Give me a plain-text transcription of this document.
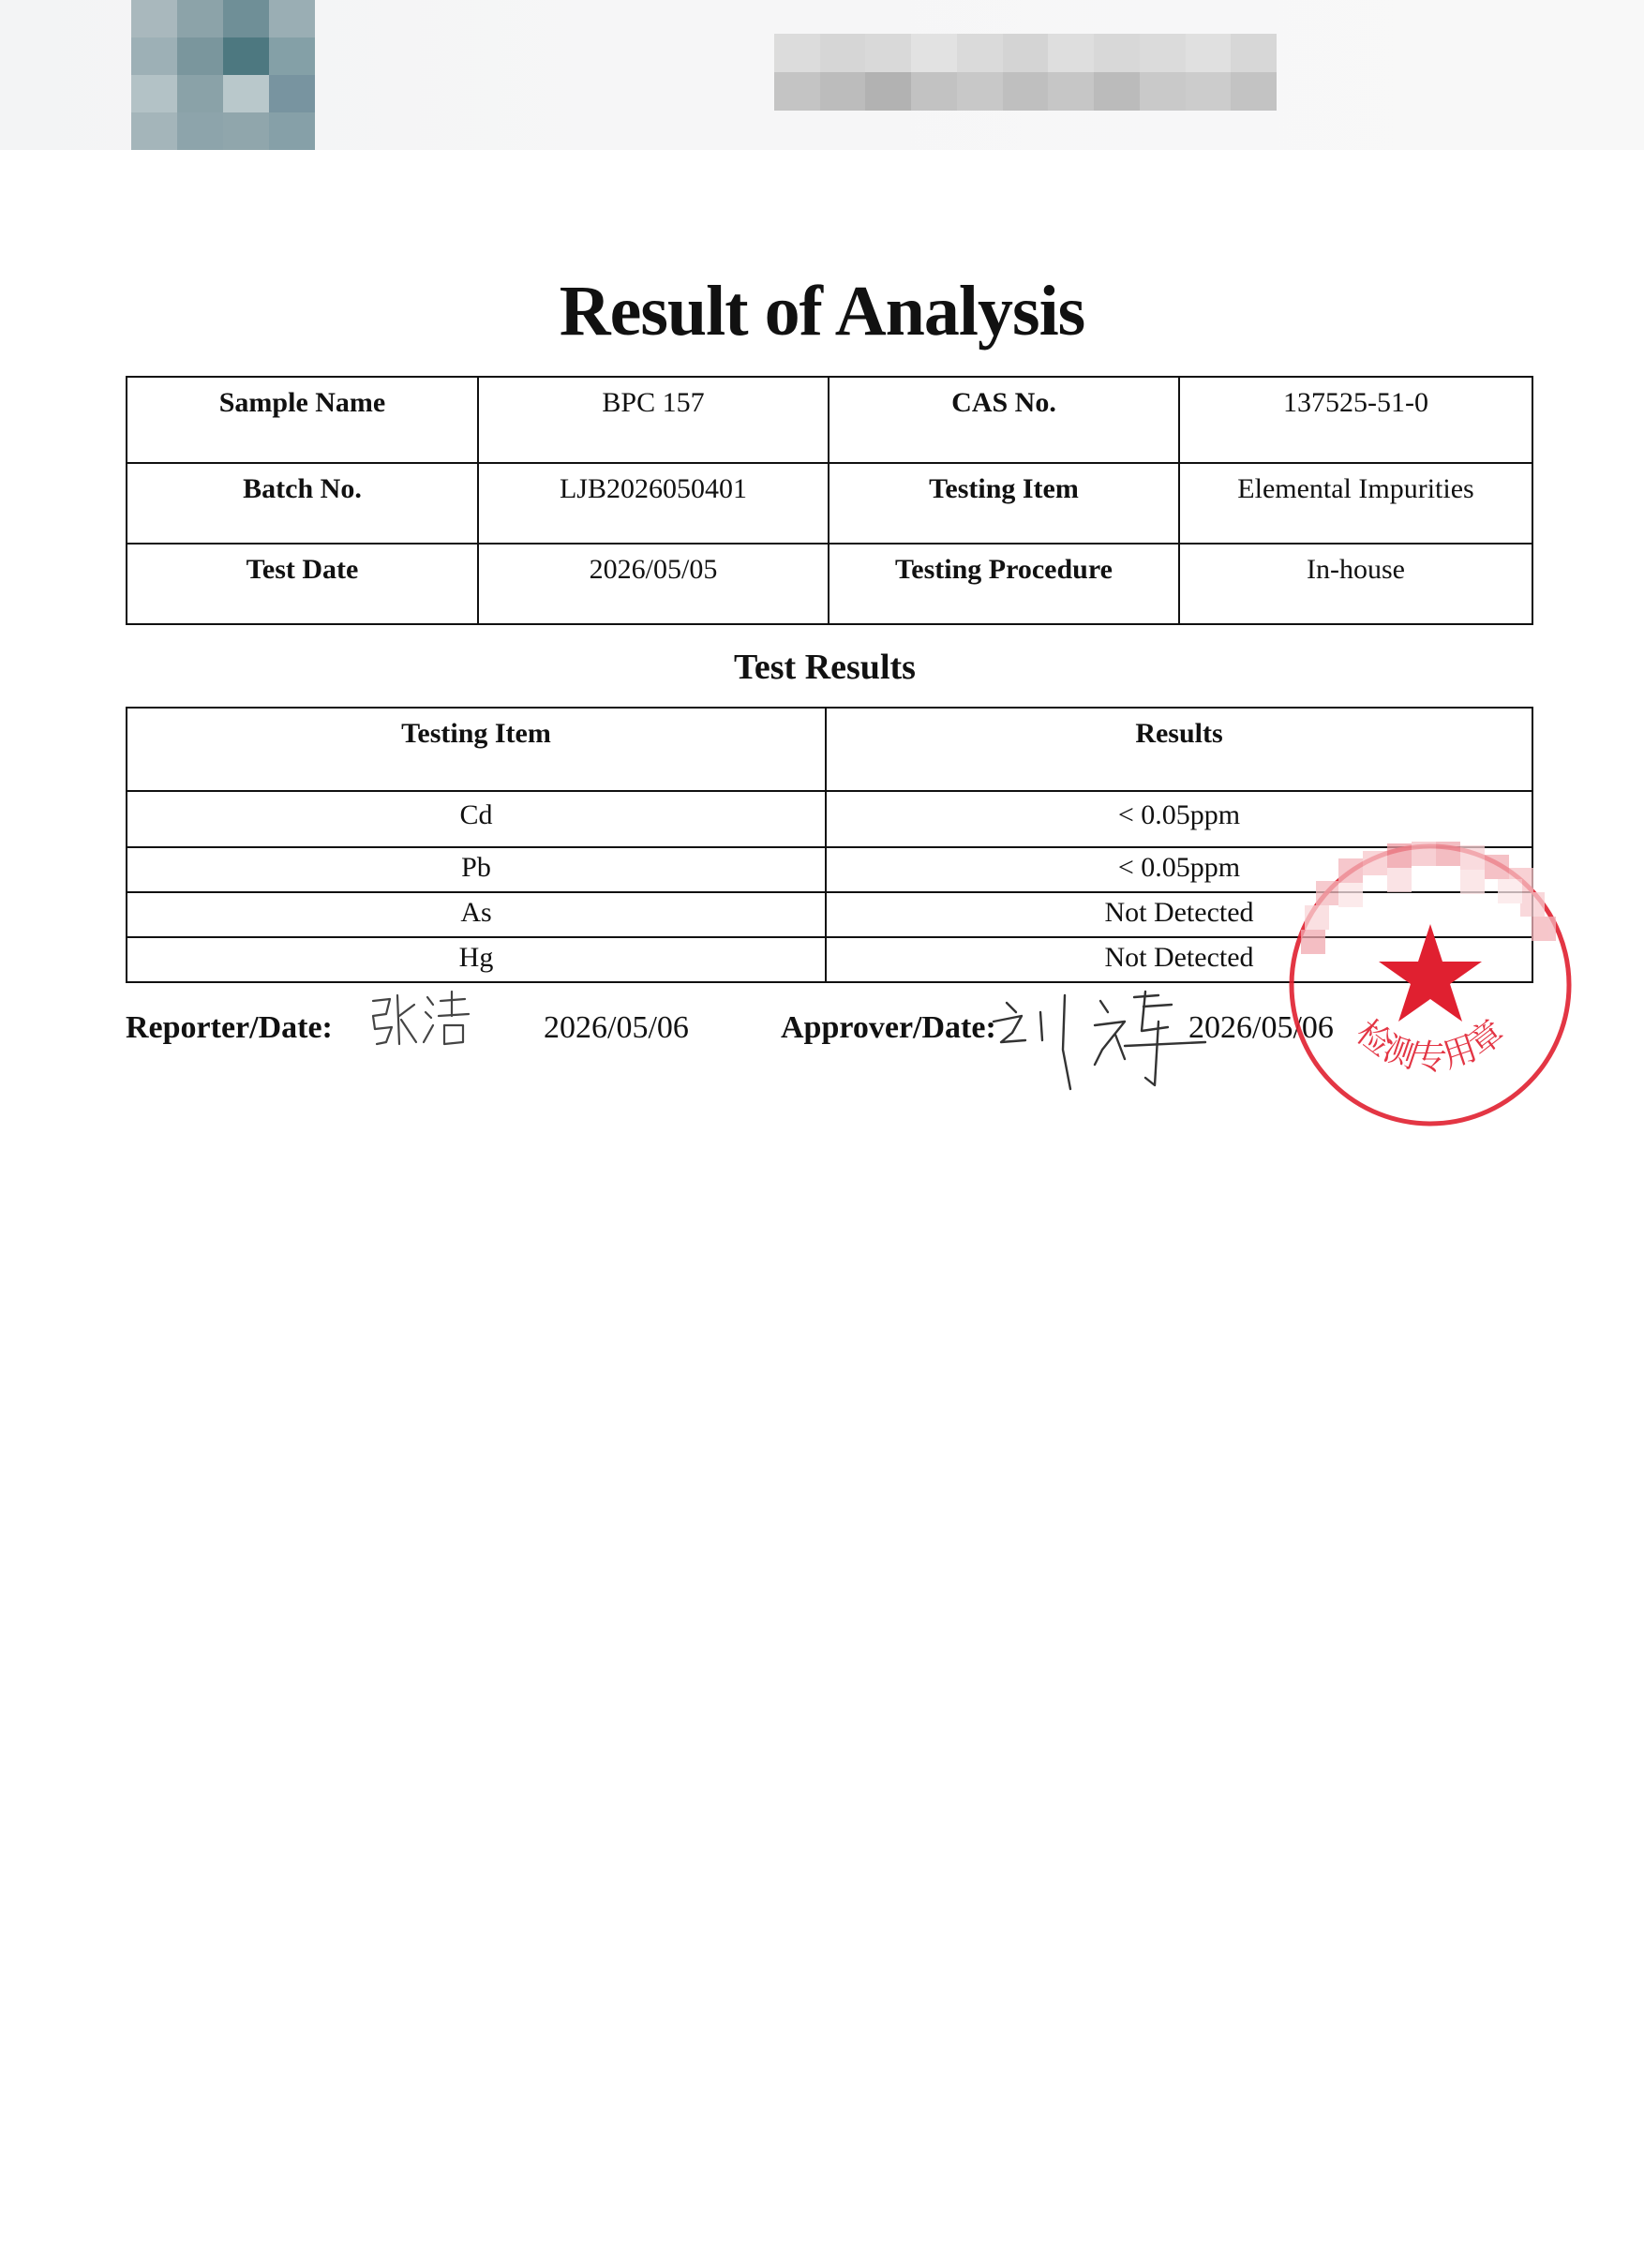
Result of Analysis
Sample Name	BPC 157	CAS No.	137525-51-0
Batch No.	LJB2026050401	Testing Item	Elemental Impurities
Test Date	2026/05/05	Testing Procedure	In-house
Test Results
Testing Item	Results
Cd	< 0.05ppm
Pb	< 0.05ppm
As	Not Detected
Hg	Not Detected
Reporter/Date:	2026/05/06	Approver/Date:	2026/05/06 检测专用章
